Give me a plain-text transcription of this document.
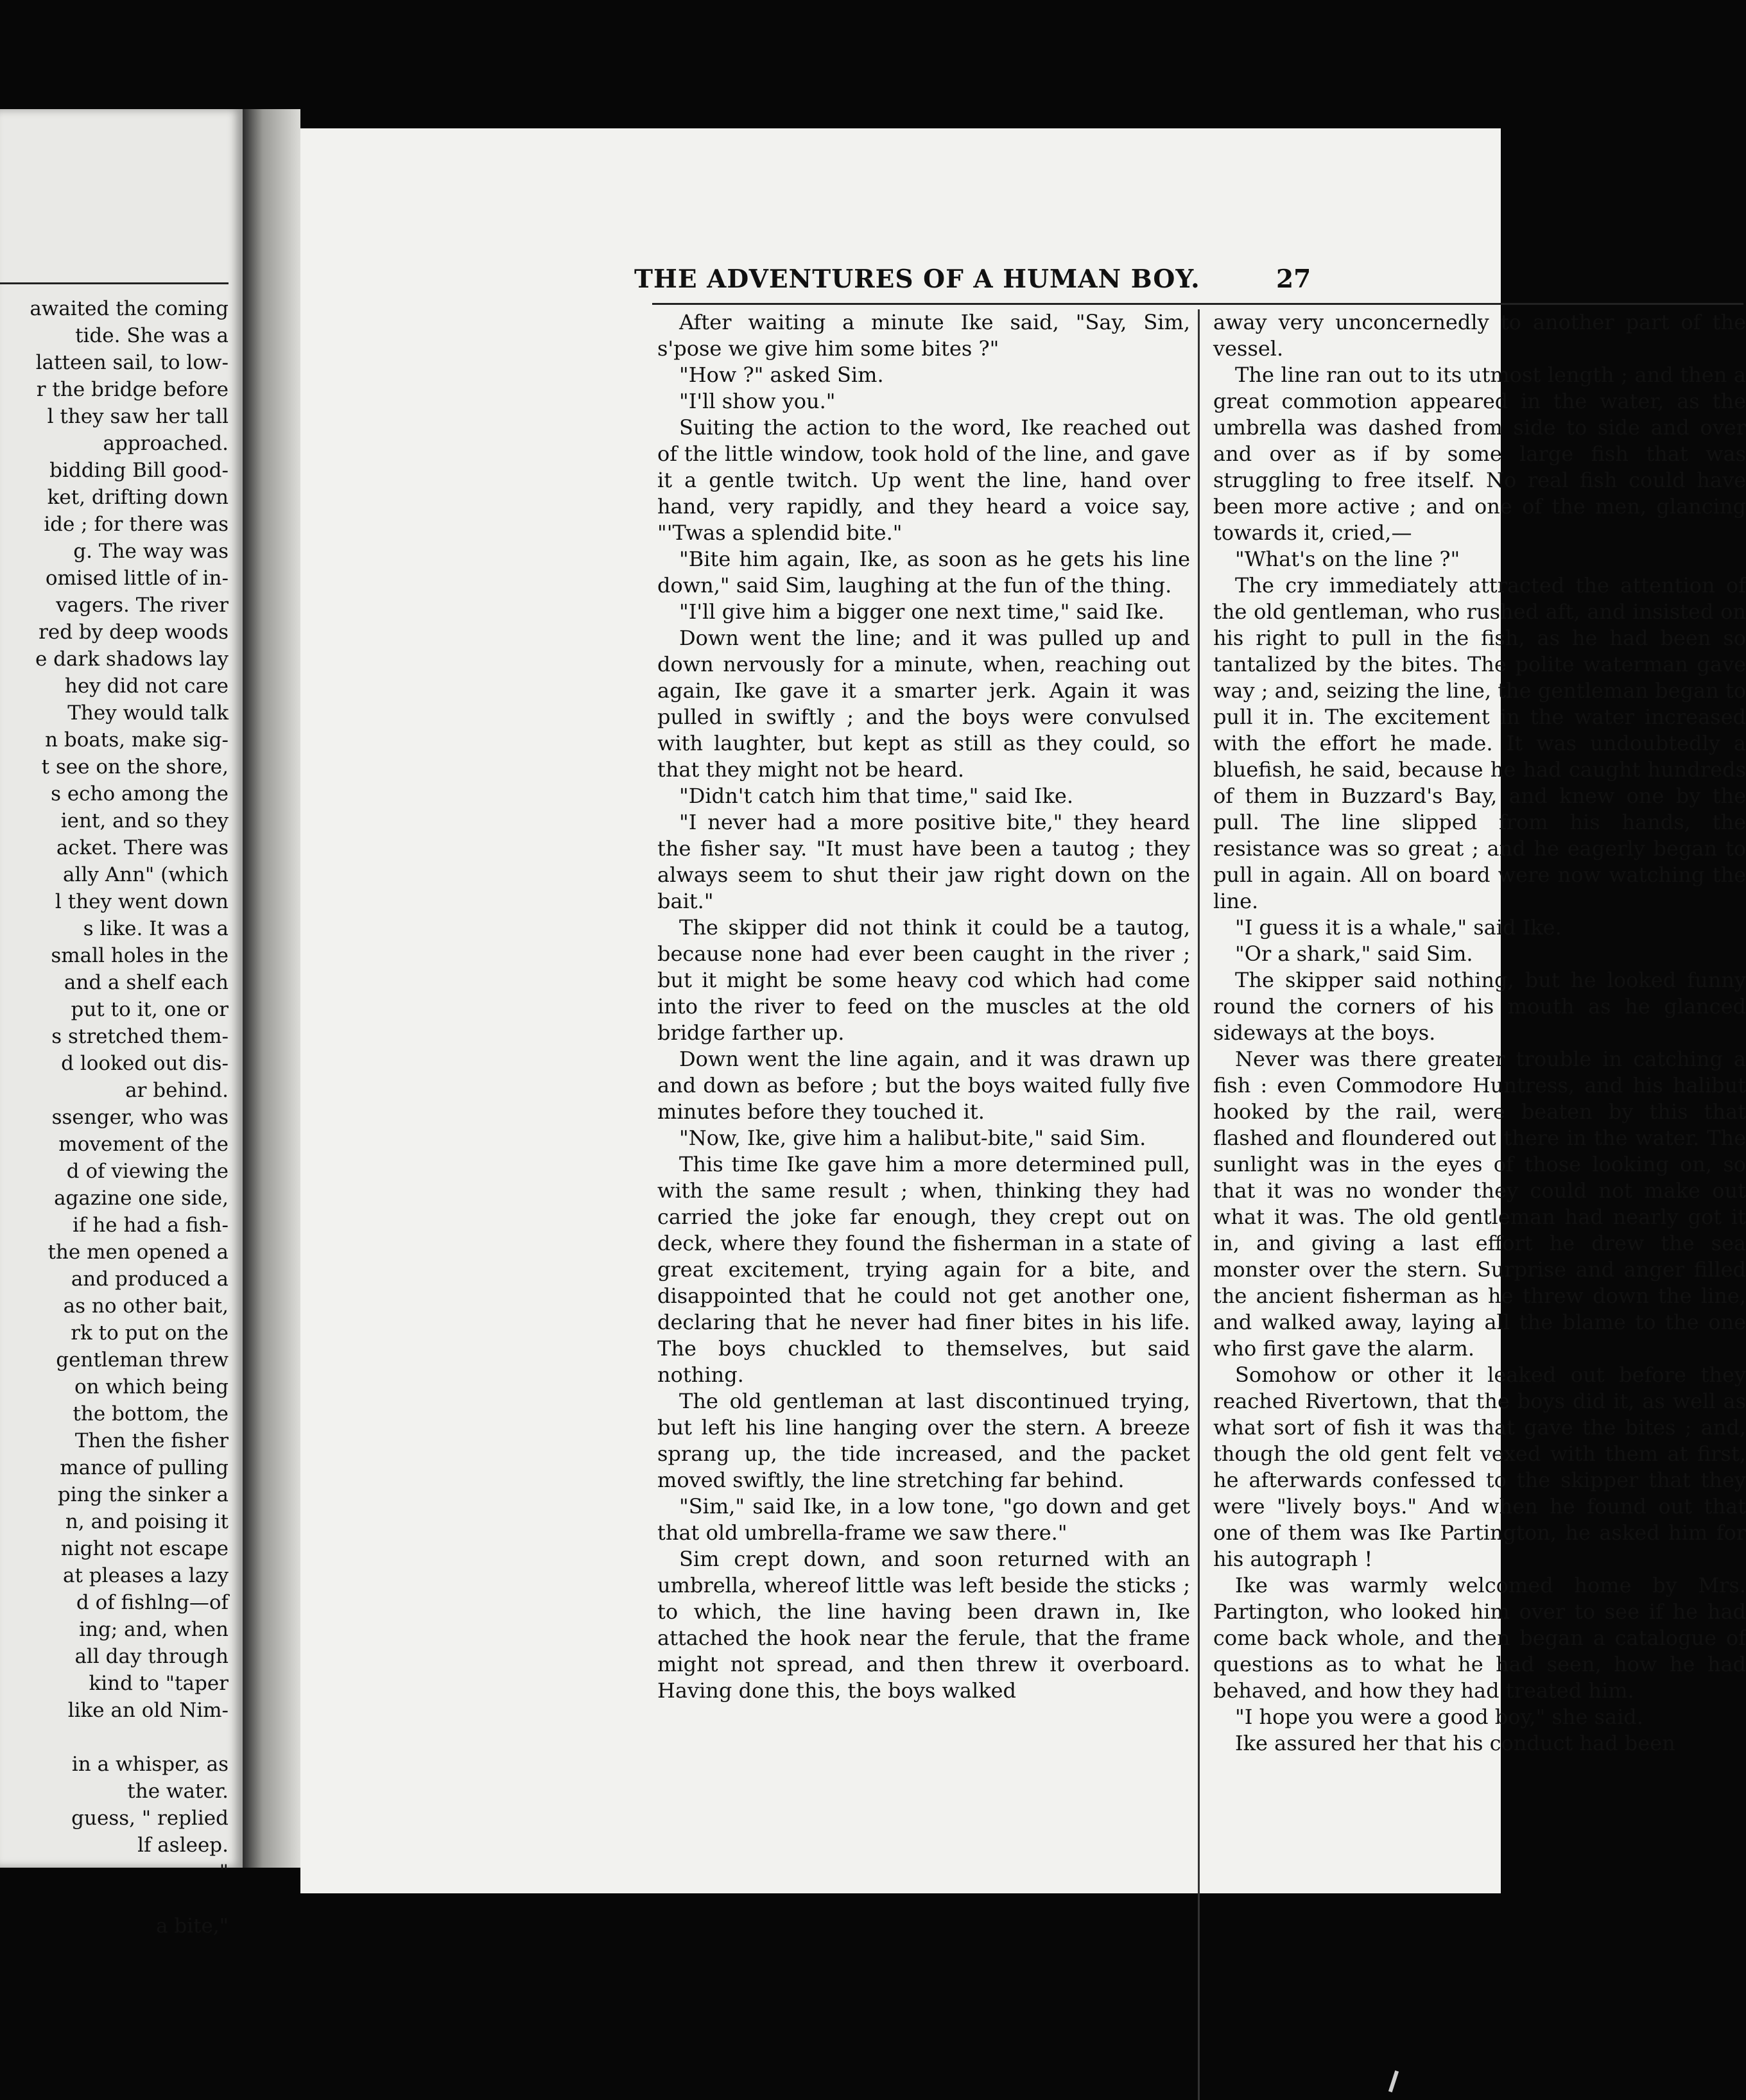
awaited the coming
tide. She was a
latteen sail, to low-
r the bridge before
l they saw her tall
approached.
bidding Bill good-
ket, drifting down
ide ; for there was
g. The way was
omised little of in-
vagers. The river
red by deep woods
e dark shadows lay
hey did not care
They would talk
n boats, make sig-
t see on the shore,
s echo among the
ient, and so they
acket. There was
ally Ann" (which
l they went down
s like. It was a
small holes in the
and a shelf each
put to it, one or
s stretched them-
d looked out dis-
ar behind.
ssenger, who was
movement of the
d of viewing the
agazine one side,
if he had a fish-
the men opened a
and produced a
as no other bait,
rk to put on the
gentleman threw
on which being
the bottom, the
Then the fisher
mance of pulling
ping the sinker a
n, and poising it
night not escape
at pleases a lazy
d of fishlng—of
ing; and, when
all day through
kind to "taper
like an old Nim-
in a whisper, as
the water.
guess, " replied
lf asleep.
"
a bite,"
THE ADVENTURES OF A HUMAN BOY.	27

After waiting a minute Ike said, "Say, Sim, s'pose we give him some bites ?"

"How ?" asked Sim.

"I'll show you."

Suiting the action to the word, Ike reached out of the little window, took hold of the line, and gave it a gentle twitch. Up went the line, hand over hand, very rapidly, and they heard a voice say, "'Twas a splendid bite."

"Bite him again, Ike, as soon as he gets his line down," said Sim, laughing at the fun of the thing.

"I'll give him a bigger one next time," said Ike.

Down went the line; and it was pulled up and down nervously for a minute, when, reaching out again, Ike gave it a smarter jerk. Again it was pulled in swiftly ; and the boys were convulsed with laughter, but kept as still as they could, so that they might not be heard.

"Didn't catch him that time," said Ike.

"I never had a more positive bite," they heard the fisher say. "It must have been a tautog ; they always seem to shut their jaw right down on the bait."

The skipper did not think it could be a tautog, because none had ever been caught in the river ; but it might be some heavy cod which had come into the river to feed on the muscles at the old bridge farther up.

Down went the line again, and it was drawn up and down as before ; but the boys waited fully five minutes before they touched it.

"Now, Ike, give him a halibut-bite," said Sim.

This time Ike gave him a more determined pull, with the same result ; when, thinking they had carried the joke far enough, they crept out on deck, where they found the fisherman in a state of great excitement, trying again for a bite, and disappointed that he could not get another one, declaring that he never had finer bites in his life. The boys chuckled to themselves, but said nothing.

The old gentleman at last discontinued trying, but left his line hanging over the stern. A breeze sprang up, the tide increased, and the packet moved swiftly, the line stretching far behind.

"Sim," said Ike, in a low tone, "go down and get that old umbrella-frame we saw there."

Sim crept down, and soon returned with an umbrella, whereof little was left beside the sticks ; to which, the line having been drawn in, Ike attached the hook near the ferule, that the frame might not spread, and then threw it overboard. Having done this, the boys walked

away very unconcernedly to another part of the vessel.

The line ran out to its utmost length ; and then a great commotion appeared in the water, as the umbrella was dashed from side to side and over and over as if by some large fish that was struggling to free itself. No real fish could have been more active ; and one of the men, glancing towards it, cried,—

"What's on the line ?"

The cry immediately attracted the attention of the old gentleman, who rushed aft, and insisted on his right to pull in the fish, as he had been so tantalized by the bites. The polite waterman gave way ; and, seizing the line, the gentleman began to pull it in. The excitement in the water increased with the effort he made. It was undoubtedly a bluefish, he said, because he had caught hundreds of them in Buzzard's Bay, and knew one by the pull. The line slipped from his hands, the resistance was so great ; and he eagerly began to pull in again. All on board were now watching the line.

"I guess it is a whale," said Ike.

"Or a shark," said Sim.

The skipper said nothing, but he looked funny round the corners of his mouth as he glanced sideways at the boys.

Never was there greater trouble in catching a fish : even Commodore Huntress, and his halibut hooked by the rail, were beaten by this that flashed and floundered out there in the water. The sunlight was in the eyes of those looking on, so that it was no wonder they could not make out what it was. The old gentleman had nearly got it in, and giving a last effort he drew the sea monster over the stern. Surprise and anger filled the ancient fisherman as he threw down the line, and walked away, laying all the blame to the one who first gave the alarm.

Somohow or other it leaked out before they reached Rivertown, that the boys did it, as well as what sort of fish it was that gave the bites ; and, though the old gent felt vexed with them at first, he afterwards confessed to the skipper that they were "lively boys." And when he found out that one of them was Ike Partington, he asked him for his autograph !

Ike was warmly welcomed home by Mrs. Partington, who looked him over to see if he had come back whole, and then began a catalogue of questions as to what he had seen, how he had behaved, and how they had treated him.

"I hope you were a good boy," she said.

Ike assured her that his conduct had been
